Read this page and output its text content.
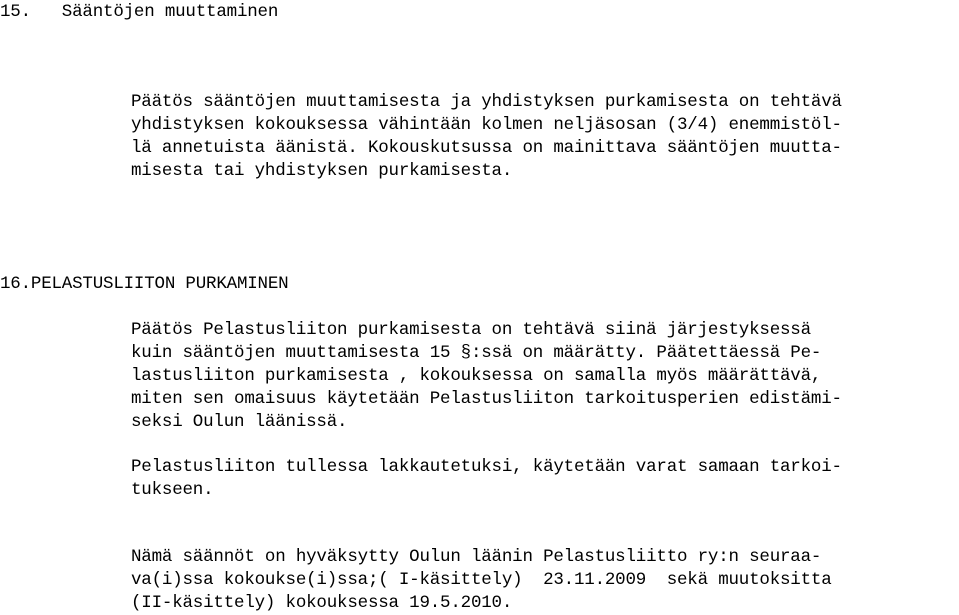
15.   Sääntöjen muuttaminen
Päätös sääntöjen muuttamisesta ja yhdistyksen purkamisesta on tehtävä
yhdistyksen kokouksessa vähintään kolmen neljäsosan (3/4) enemmistöl-
lä annetuista äänistä. Kokouskutsussa on mainittava sääntöjen muutta-
misesta tai yhdistyksen purkamisesta.
16.PELASTUSLIITON PURKAMINEN
Päätös Pelastusliiton purkamisesta on tehtävä siinä järjestyksessä
kuin sääntöjen muuttamisesta 15 §:ssä on määrätty. Päätettäessä Pe-
lastusliiton purkamisesta , kokouksessa on samalla myös määrättävä,
miten sen omaisuus käytetään Pelastusliiton tarkoitusperien edistämi-
seksi Oulun läänissä.
Pelastusliiton tullessa lakkautetuksi, käytetään varat samaan tarkoi-
tukseen.
Nämä säännöt on hyväksytty Oulun läänin Pelastusliitto ry:n seuraa-
va(i)ssa kokoukse(i)ssa;( I-käsittely)  23.11.2009  sekä muutoksitta
(II-käsittely) kokouksessa 19.5.2010.
